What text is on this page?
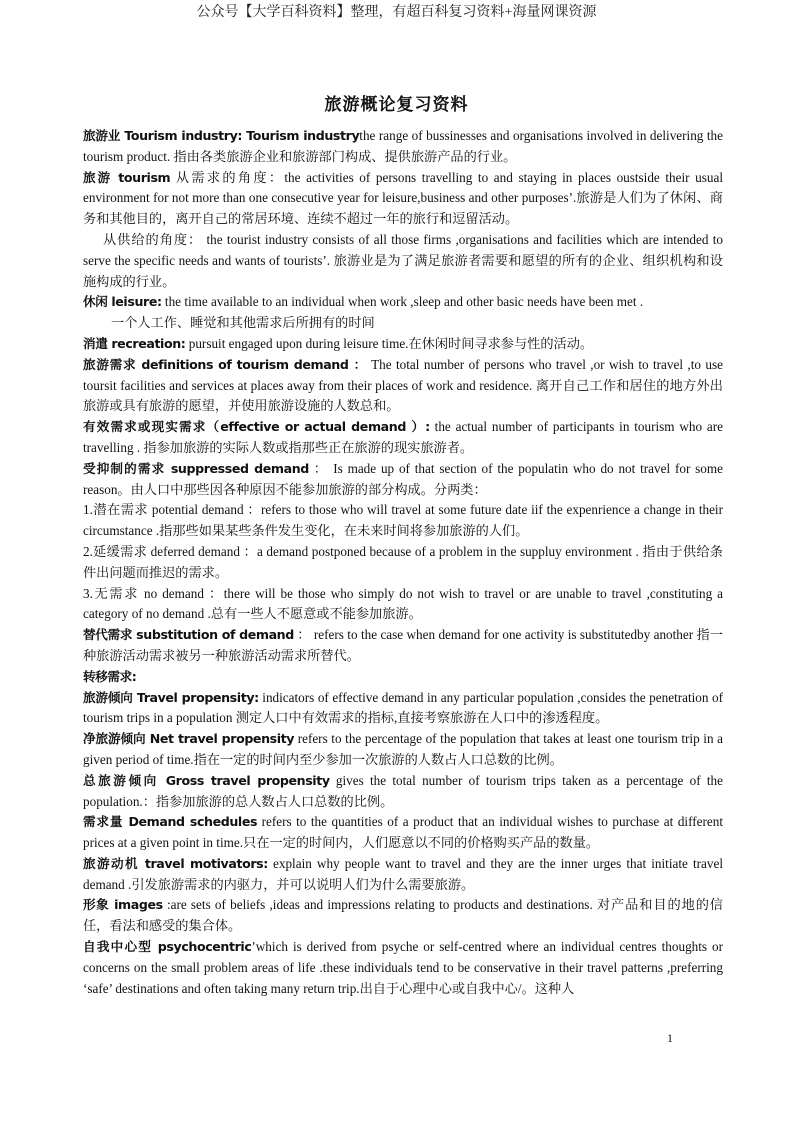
公众号【大学百科资料】整理，有超百科复习资料+海量网课资源
旅游概论复习资料

旅游业 Tourism industry: Tourism industrythe range of bussinesses and organisations involved in delivering the tourism product. 指由各类旅游企业和旅游部门构成、提供旅游产品的行业。

旅游 tourism 从需求的角度：the activities of persons travelling to and staying in places oustside their usual environment for not more than one consecutive year for leisure,business and other purposes’.旅游是人们为了休闲、商务和其他目的，离开自己的常居环境、连续不超过一年的旅行和逗留活动。

从供给的角度： the tourist industry consists of all those firms ,organisations and facilities which are intended to serve the specific needs and wants of tourists’. 旅游业是为了满足旅游者需要和愿望的所有的企业、组织机构和设施构成的行业。

休闲 leisure: the time available to an individual when work ,sleep and other basic needs have been met .

一个人工作、睡觉和其他需求后所拥有的时间

消遣 recreation: pursuit engaged upon during leisure time.在休闲时间寻求参与性的活动。

旅游需求 definitions of tourism demand ： The total number of persons who travel ,or wish to travel ,to use toursit facilities and services at places away from their places of work and residence. 离开自己工作和居住的地方外出旅游或具有旅游的愿望，并使用旅游设施的人数总和。

有效需求或现实需求（effective or actual demand ）: the actual number of participants in tourism who are travelling . 指参加旅游的实际人数或指那些正在旅游的现实旅游者。

受抑制的需求 suppressed demand ： Is made up of that section of the populatin who do not travel for some reason。由人口中那些因各种原因不能参加旅游的部分构成。分两类：

1.潜在需求 potential demand ：refers to those who will travel at some future date iif the expenrience a change in their circumstance .指那些如果某些条件发生变化，在未来时间将参加旅游的人们。

2.延缓需求 deferred demand ：a demand postponed because of a problem in the suppluy environment . 指由于供给条件出问题而推迟的需求。

3.无需求 no demand ：there will be those who simply do not wish to travel or are unable to travel ,constituting a category of no demand .总有一些人不愿意或不能参加旅游。

替代需求 substitution of demand ： refers to the case when demand for one activity is substitutedby another 指一种旅游活动需求被另一种旅游活动需求所替代。

转移需求:

旅游倾向 Travel propensity: indicators of effective demand in any particular population ,consides the penetration of tourism trips in a population 测定人口中有效需求的指标,直接考察旅游在人口中的渗透程度。

净旅游倾向 Net travel propensity refers to the percentage of the population that takes at least one tourism trip in a given period of time.指在一定的时间内至少参加一次旅游的人数占人口总数的比例。

总旅游倾向 Gross travel propensity gives the total number of tourism trips taken as a percentage of the population.：指参加旅游的总人数占人口总数的比例。

需求量 Demand schedules refers to the quantities of a product that an individual wishes to purchase at different prices at a given point in time.只在一定的时间内，人们愿意以不同的价格购买产品的数量。

旅游动机 travel motivators: explain why people want to travel and they are the inner urges that initiate travel demand .引发旅游需求的内驱力，并可以说明人们为什么需要旅游。

形象 images :are sets of beliefs ,ideas and impressions relating to products and destinations. 对产品和目的地的信任，看法和感受的集合体。

自我中心型 psychocentric’which is derived from psyche or self-centred where an individual centres thoughts or concerns on the small problem areas of life .these individuals tend to be conservative in their travel patterns ,preferring ‘safe’ destinations and often taking many return trip.出自于心理中心或自我中心/。这种人

1
